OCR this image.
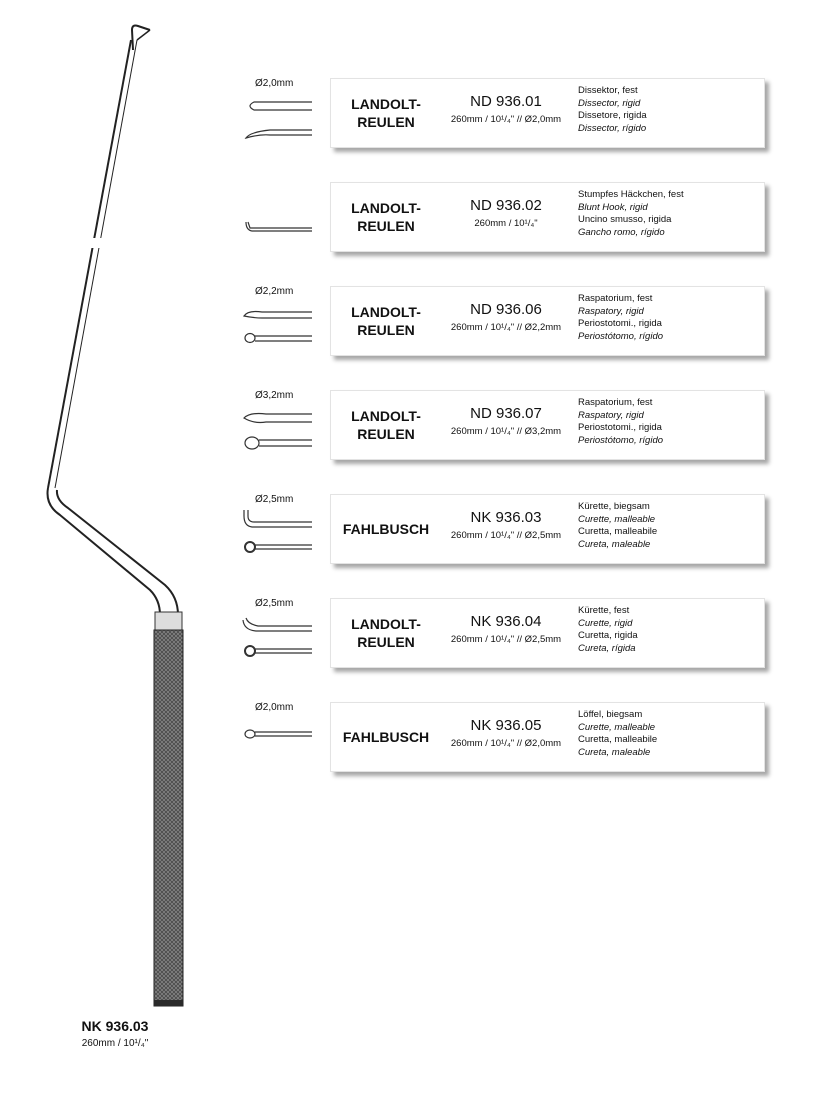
NK 936.03
260mm / 10¹/₄"
Ø2,0mm
LANDOLT-
REULEN
ND 936.01
260mm / 10¹/₄" // Ø2,0mm
Dissektor, fest
Dissector, rigid
Dissetore, rigida
Dissector, rígido
LANDOLT-
REULEN
ND 936.02
260mm / 10¹/₄"
Stumpfes Häckchen, fest
Blunt Hook, rigid
Uncino smusso, rigida
Gancho romo, rígido
Ø2,2mm
LANDOLT-
REULEN
ND 936.06
260mm / 10¹/₄" // Ø2,2mm
Raspatorium, fest
Raspatory, rigid
Periostotomi., rigida
Periostótomo, rígido
Ø3,2mm
LANDOLT-
REULEN
ND 936.07
260mm / 10¹/₄" // Ø3,2mm
Raspatorium, fest
Raspatory, rigid
Periostotomi., rigida
Periostótomo, rígido
Ø2,5mm
FAHLBUSCH
NK 936.03
260mm / 10¹/₄" // Ø2,5mm
Kürette, biegsam
Curette, malleable
Curetta, malleabile
Cureta, maleable
Ø2,5mm
LANDOLT-
REULEN
NK 936.04
260mm / 10¹/₄" // Ø2,5mm
Kürette, fest
Curette, rigid
Curetta, rigida
Cureta, rígida
Ø2,0mm
FAHLBUSCH
NK 936.05
260mm / 10¹/₄" // Ø2,0mm
Löffel, biegsam
Curette, malleable
Curetta, malleabile
Cureta, maleable
